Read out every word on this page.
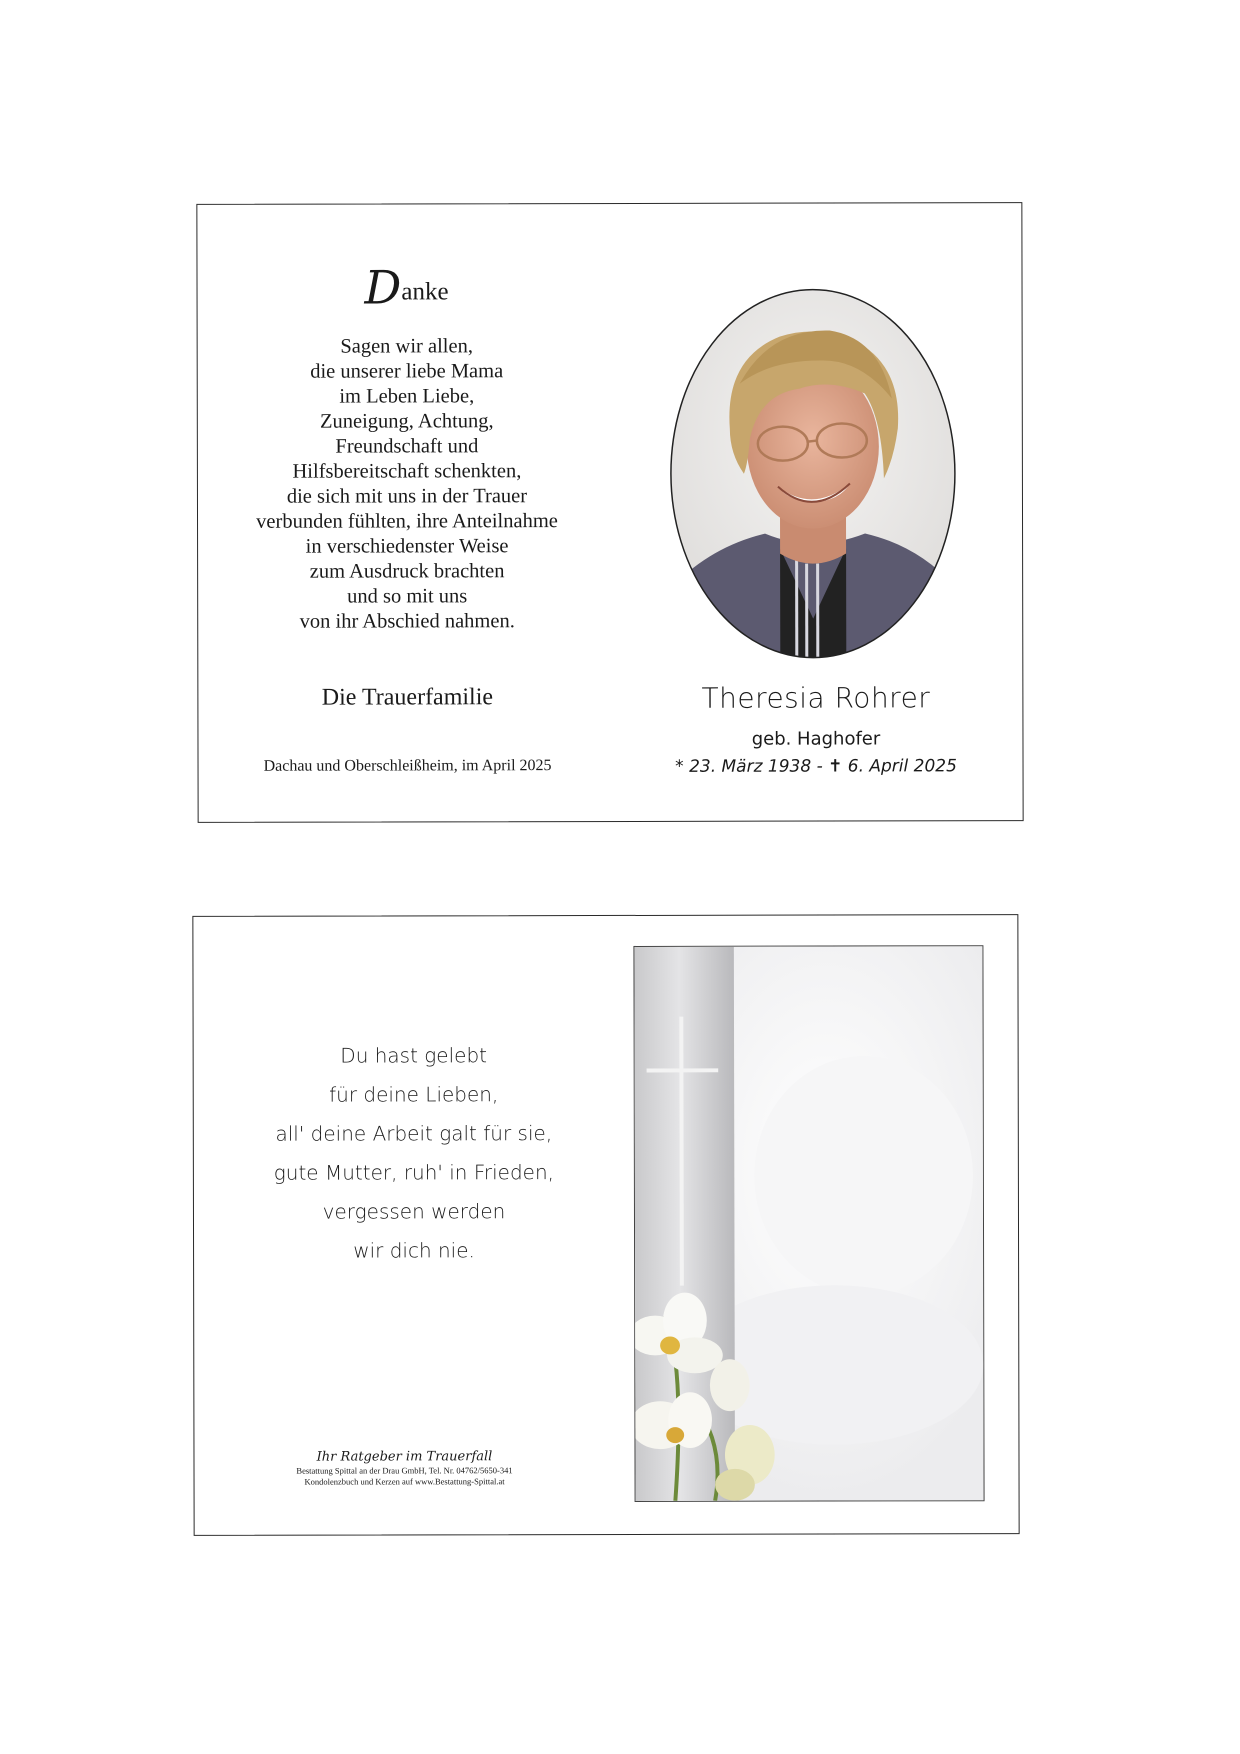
Danke
Sagen wir allen,
die unserer liebe Mama
im Leben Liebe,
Zuneigung, Achtung,
Freundschaft und
Hilfsbereitschaft schenkten,
die sich mit uns in der Trauer
verbunden fühlten, ihre Anteilnahme
in verschiedenster Weise
zum Ausdruck brachten
und so mit uns
von ihr Abschied nahmen.
Die Trauerfamilie
Dachau und Oberschleißheim, im April 2025
Theresia Rohrer
geb. Haghofer
* 23. März 1938 - ✝ 6. April 2025
Du hast gelebt
für deine Lieben,
all' deine Arbeit galt für sie,
gute Mutter, ruh' in Frieden,
vergessen werden
wir dich nie.
Ihr Ratgeber im Trauerfall
Bestattung Spittal an der Drau GmbH, Tel. Nr. 04762/5650-341
Kondolenzbuch und Kerzen auf www.Bestattung-Spittal.at
